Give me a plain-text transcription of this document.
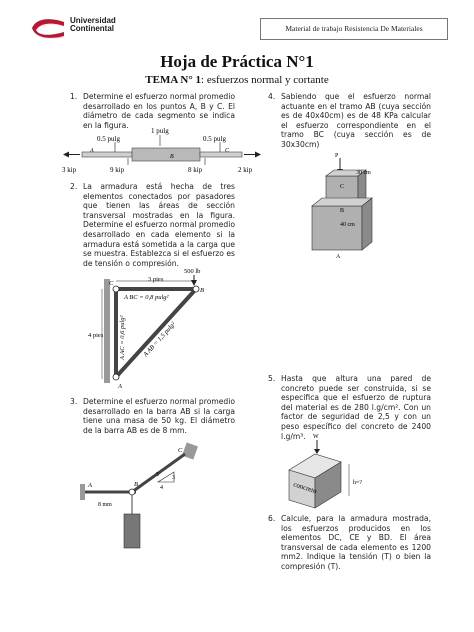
Universidad
Continental	Material de trabajo Resistencia De Materiales
Hoja de Práctica N°1
TEMA N° 1: esfuerzos normal y cortante
1. Determine el esfuerzo normal promedio desarrollado en los puntos A, B y C. El diámetro de cada segmento se indica en la figura.
2. La armadura está hecha de tres elementos conectados por pasadores que tienen las áreas de sección transversal mostradas en la figura. Determine el esfuerzo normal promedio desarrollado en cada elemento si la armadura está sometida a la carga que se muestra. Establezca si el esfuerzo es de tensión o compresión.
3. Determine el esfuerzo normal promedio desarrollado en la barra AB si la carga tiene una masa de 50 kg. El diámetro de la barra AB es de 8 mm.
4. Sabiendo que el esfuerzo normal actuante en el tramo AB (cuya sección es de 40x40cm) es de 48 KPa calcular el esfuerzo correspondiente en el tramo BC (cuya sección es de 30x30cm)
5. Hasta que altura una pared de concreto puede ser construida, si se especifica que el esfuerzo de ruptura del material es de 280 l.g/cm². Con un factor de seguridad de 2,5 y con un peso específico del concreto de 2400 l.g/m³.
6. Calcule, para la armadura mostrada, los esfuerzos producidos en los elementos DC, CE y BD. El área transversal de cada elemento es 1200 mm2. Indique la tensión (T) o bien la compresión (T).
0.5 pulg
1 pulg
0.5 pulg
A
B
C
3 kip	9 kip	8 kip	2 kip
500 lb
3 pies
4 pies
A BC = 0,8 pulg²
A AC = 0,6 pulg²	A AB = 1,5 pulg²
C
B
A
A	B
C
8 mm
3
4
5
P
30 cm
40 cm
C
B
A
W
concreto	h=?
